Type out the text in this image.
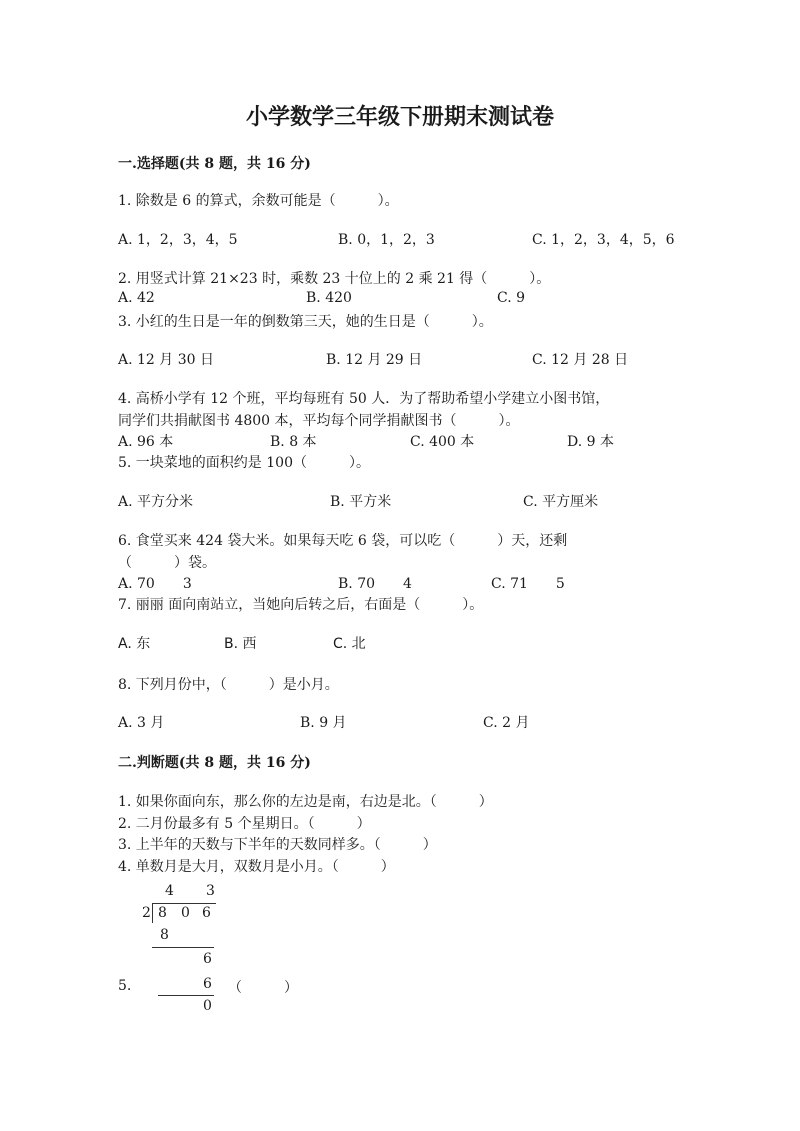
小学数学三年级下册期末测试卷
一.选择题(共 8 题，共 16 分)
1. 除数是 6 的算式，余数可能是（　　　）。
A. 1，2，3，4，5	B. 0，1，2，3	C. 1，2，3，4，5，6
2. 用竖式计算 21×23 时，乘数 23 十位上的 2 乘 21 得（　　　）。
A. 42	B. 420	C. 9
3. 小红的生日是一年的倒数第三天，她的生日是（　　　）。
A. 12 月 30 日	B. 12 月 29 日	C. 12 月 28 日
4. 高桥小学有 12 个班，平均每班有 50 人．为了帮助希望小学建立小图书馆，
同学们共捐献图书 4800 本，平均每个同学捐献图书（　　　）。
A. 96 本	B. 8 本	C. 400 本	D. 9 本
5. 一块菜地的面积约是 100（　　　）。
A. 平方分米	B. 平方米	C. 平方厘米
6. 食堂买来 424 袋大米。如果每天吃 6 袋，可以吃（　　　）天，还剩
（　　　）袋。
A. 70　　3	B. 70　　4	C. 71　　5
7. 丽丽 面向南站立，当她向后转之后，右面是（　　　）。
A. 东	B. 西	C. 北
8. 下列月份中，（　　　）是小月。
A. 3 月	B. 9 月	C. 2 月
二.判断题(共 8 题，共 16 分)
1. 如果你面向东，那么你的左边是南，右边是北。（　　　）
2. 二月份最多有 5 个星期日。（　　　）
3. 上半年的天数与下半年的天数同样多。（　　　）
4. 单数月是大月，双数月是小月。（　　　）
4 3
2 8 0 6
8
6
6
0
5.	（　　　）
